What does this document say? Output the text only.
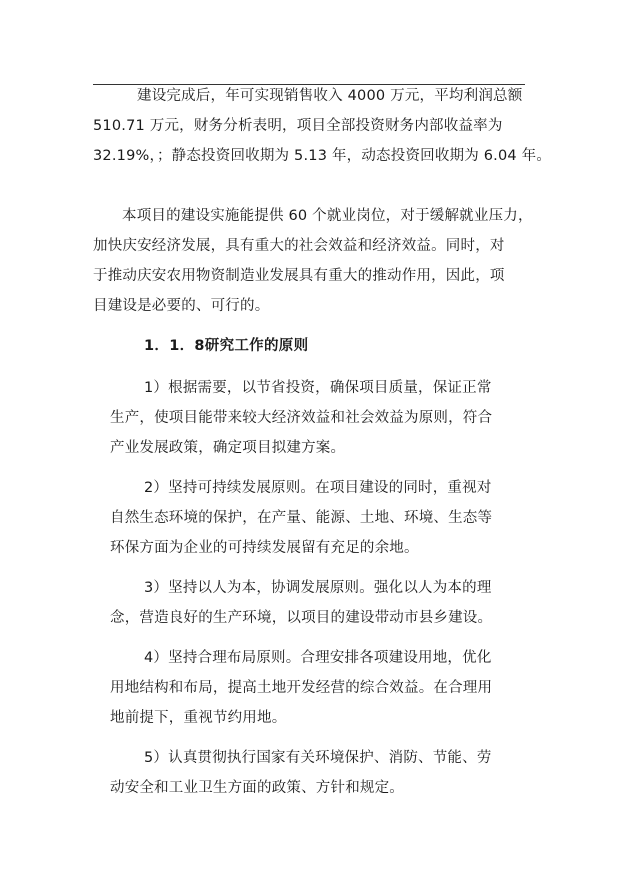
建设完成后，年可实现销售收入 4000 万元，平均利润总额
510.71 万元，财务分析表明，项目全部投资财务内部收益率为
32.19%，；静态投资回收期为 5.13 年，动态投资回收期为 6.04 年。
本项目的建设实施能提供 60 个就业岗位，对于缓解就业压力，
加快庆安经济发展，具有重大的社会效益和经济效益。同时，对
于推动庆安农用物资制造业发展具有重大的推动作用，因此，项
目建设是必要的、可行的。
1．1．8研究工作的原则
1）根据需要，以节省投资，确保项目质量，保证正常
生产，使项目能带来较大经济效益和社会效益为原则，符合
产业发展政策，确定项目拟建方案。
2）坚持可持续发展原则。在项目建设的同时，重视对
自然生态环境的保护，在产量、能源、土地、环境、生态等
环保方面为企业的可持续发展留有充足的余地。
3）坚持以人为本，协调发展原则。强化以人为本的理
念，营造良好的生产环境，以项目的建设带动市县乡建设。
4）坚持合理布局原则。合理安排各项建设用地，优化
用地结构和布局，提高土地开发经营的综合效益。在合理用
地前提下，重视节约用地。
5）认真贯彻执行国家有关环境保护、消防、节能、劳
动安全和工业卫生方面的政策、方针和规定。
